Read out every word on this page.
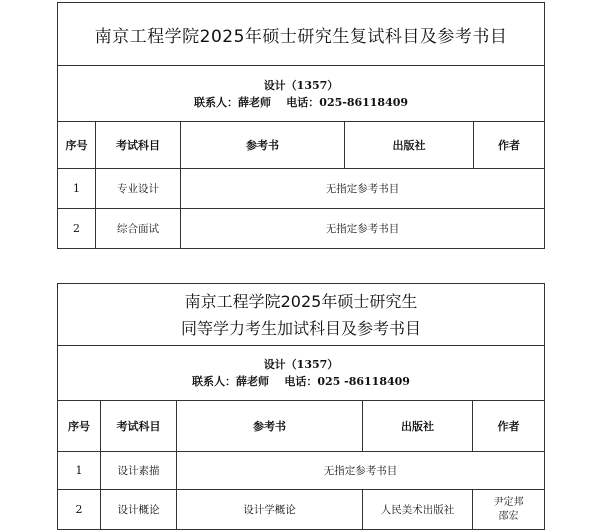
南京工程学院2025年硕士研究生复试科目及参考书目				

设计（1357）
联系人：薛老师    电话：025-86118409				

序号	考试科目	参考书	出版社	作者
1	专业设计	无指定参考书目		
2	综合面试	无指定参考书目		
南京工程学院2025年硕士研究生
同等学力考生加试科目及参考书目				

设计（1357）
联系人：薛老师    电话：025 -86118409				

序号	考试科目	参考书	出版社	作者
1	设计素描	无指定参考书目		
2	设计概论	设计学概论	人民美术出版社	尹定邦
邵宏
